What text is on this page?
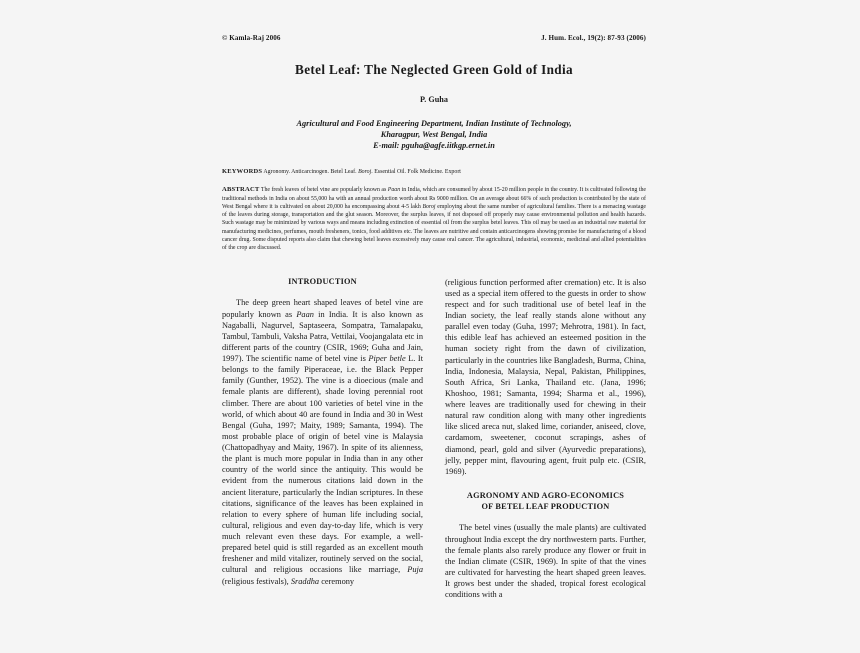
© Kamla-Raj 2006	J. Hum. Ecol., 19(2): 87-93 (2006)
Betel Leaf: The Neglected Green Gold of India
P. Guha
Agricultural and Food Engineering Department, Indian Institute of Technology,
Kharagpur, West Bengal, India
E-mail: pguha@agfe.iitkgp.ernet.in
KEYWORDS Agronomy. Anticarcinogen. Betel Leaf. Boroj. Essential Oil. Folk Medicine. Export
ABSTRACT The fresh leaves of betel vine are popularly known as Paan in India, which are consumed by about 15-20 million people in the country. It is cultivated following the traditional methods in India on about 55,000 ha with an annual production worth about Rs 9000 million. On an average about 66% of such production is contributed by the state of West Bengal where it is cultivated on about 20,000 ha encompassing about 4-5 lakh Boroj employing about the same number of agricultural families. There is a menacing wastage of the leaves during storage, transportation and the glut season. Moreover, the surplus leaves, if not disposed off properly may cause environmental pollution and health hazards. Such wastage may be minimized by various ways and means including extinction of essential oil from the surplus betel leaves. This oil may be used as an industrial raw material for manufacturing medicines, perfumes, mouth fresheners, tonics, food additives etc. The leaves are nutritive and contain anticarcinogens showing promise for manufacturing of a blood cancer drug. Some disputed reports also claim that chewing betel leaves excessively may cause oral cancer. The agricultural, industrial, economic, medicinal and allied potentialities of the crop are discussed.
INTRODUCTION

The deep green heart shaped leaves of betel vine are popularly known as Paan in India. It is also known as Nagaballi, Nagurvel, Saptaseera, Sompatra, Tamalapaku, Tambul, Tambuli, Vaksha Patra, Vettilai, Voojangalata etc in different parts of the country (CSIR, 1969; Guha and Jain, 1997). The scientific name of betel vine is Piper betle L. It belongs to the family Piperaceae, i.e. the Black Pepper family (Gunther, 1952). The vine is a dioecious (male and female plants are different), shade loving perennial root climber. There are about 100 varieties of betel vine in the world, of which about 40 are found in India and 30 in West Bengal (Guha, 1997; Maity, 1989; Samanta, 1994). The most probable place of origin of betel vine is Malaysia (Chattopadhyay and Maity, 1967). In spite of its alienness, the plant is much more popular in India than in any other country of the world since the antiquity. This would be evident from the numerous citations laid down in the ancient literature, particularly the Indian scriptures. In these citations, significance of the leaves has been explained in relation to every sphere of human life including social, cultural, religious and even day-to-day life, which is very much relevant even these days. For example, a well-prepared betel quid is still regarded as an excellent mouth freshener and mild vitalizer, routinely served on the social, cultural and religious occasions like marriage, Puja (religious festivals), Sraddha ceremony

(religious function performed after cremation) etc. It is also used as a special item offered to the guests in order to show respect and for such traditional use of betel leaf in the Indian society, the leaf really stands alone without any parallel even today (Guha, 1997; Mehrotra, 1981). In fact, this edible leaf has achieved an esteemed position in the human society right from the dawn of civilization, particularly in the countries like Bangladesh, Burma, China, India, Indonesia, Malaysia, Nepal, Pakistan, Philippines, South Africa, Sri Lanka, Thailand etc. (Jana, 1996; Khoshoo, 1981; Samanta, 1994; Sharma et al., 1996), where leaves are traditionally used for chewing in their natural raw condition along with many other ingredients like sliced areca nut, slaked lime, coriander, aniseed, clove, cardamom, sweetener, coconut scrapings, ashes of diamond, pearl, gold and silver (Ayurvedic preparations), jelly, pepper mint, flavouring agent, fruit pulp etc. (CSIR, 1969).

AGRONOMY AND AGRO-ECONOMICS
OF BETEL LEAF PRODUCTION

The betel vines (usually the male plants) are cultivated throughout India except the dry northwestern parts. Further, the female plants also rarely produce any flower or fruit in the Indian climate (CSIR, 1969). In spite of that the vines are cultivated for harvesting the heart shaped green leaves. It grows best under the shaded, tropical forest ecological conditions with a
